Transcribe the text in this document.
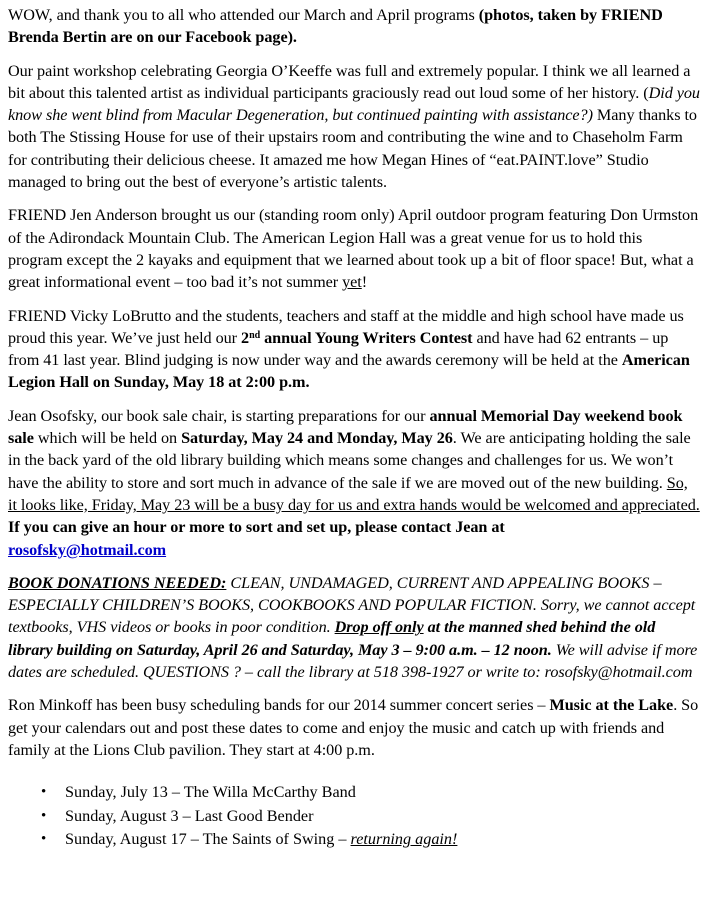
WOW, and thank you to all who attended our March and April programs (photos, taken by FRIEND Brenda Bertin are on our Facebook page).

Our paint workshop celebrating Georgia O’Keeffe was full and extremely popular. I think we all learned a bit about this talented artist as individual participants graciously read out loud some of her history. (Did you know she went blind from Macular Degeneration, but continued painting with assistance?) Many thanks to both The Stissing House for use of their upstairs room and contributing the wine and to Chaseholm Farm for contributing their delicious cheese. It amazed me how Megan Hines of “eat.PAINT.love” Studio managed to bring out the best of everyone’s artistic talents.

FRIEND Jen Anderson brought us our (standing room only) April outdoor program featuring Don Urmston of the Adirondack Mountain Club. The American Legion Hall was a great venue for us to hold this program except the 2 kayaks and equipment that we learned about took up a bit of floor space! But, what a great informational event – too bad it’s not summer yet!

FRIEND Vicky LoBrutto and the students, teachers and staff at the middle and high school have made us proud this year. We’ve just held our 2nd annual Young Writers Contest and have had 62 entrants – up from 41 last year. Blind judging is now under way and the awards ceremony will be held at the American Legion Hall on Sunday, May 18 at 2:00 p.m.

Jean Osofsky, our book sale chair, is starting preparations for our annual Memorial Day weekend book sale which will be held on Saturday, May 24 and Monday, May 26. We are anticipating holding the sale in the back yard of the old library building which means some changes and challenges for us. We won’t have the ability to store and sort much in advance of the sale if we are moved out of the new building. So, it looks like, Friday, May 23 will be a busy day for us and extra hands would be welcomed and appreciated. If you can give an hour or more to sort and set up, please contact Jean at
rosofsky@hotmail.com

BOOK DONATIONS NEEDED: CLEAN, UNDAMAGED, CURRENT AND APPEALING BOOKS – ESPECIALLY CHILDREN’S BOOKS, COOKBOOKS AND POPULAR FICTION. Sorry, we cannot accept textbooks, VHS videos or books in poor condition. Drop off only at the manned shed behind the old library building on Saturday, April 26 and Saturday, May 3 – 9:00 a.m. – 12 noon. We will advise if more dates are scheduled. QUESTIONS ? – call the library at 518 398-1927 or write to: rosofsky@hotmail.com

Ron Minkoff has been busy scheduling bands for our 2014 summer concert series – Music at the Lake. So get your calendars out and post these dates to come and enjoy the music and catch up with friends and family at the Lions Club pavilion. They start at 4:00 p.m.

• Sunday, July 13 – The Willa McCarthy Band
• Sunday, August 3 – Last Good Bender
• Sunday, August 17 – The Saints of Swing – returning again!
